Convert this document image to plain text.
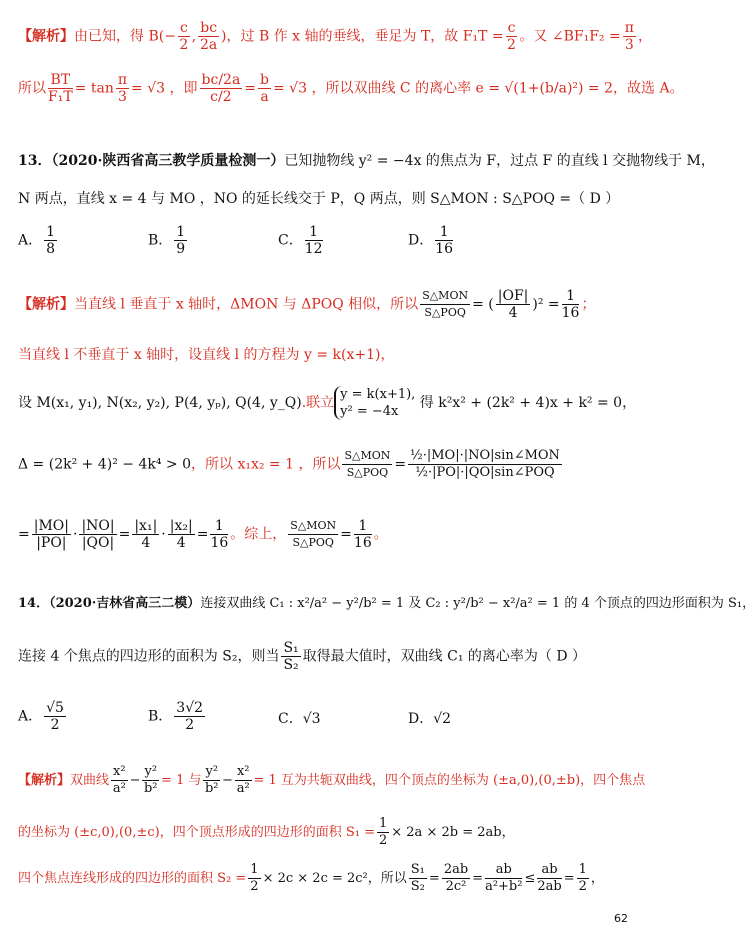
【解析】由已知，得 $B(- \frac{c}{2}$ , $\frac{bc}{2a}$ )，过 B 作 x 轴的垂线，垂足为 T，故 $F_1T = \frac{c}{2}$ 。又 ∠BF₁F₂ = $\frac{\pi}{3}$ ，
所以 $\frac{BT}{\text{F₁T}} = \tan \frac{\pi}{3} = √3$ ，即 $\frac{bc/2a}{c/2} = \frac{b}{a} = √3$ ，所以双曲线 C 的离心率 e = √(1+(b/a)²) = 2，故选 A。
13．（2020·陕西省高三教学质量检测一）已知抛物线 y² = −4x 的焦点为 F，过点 F 的直线 l 交抛物线于 M，
N 两点，直线 x = 4 与 MO ，NO 的延长线交于 P，Q 两点，则 S△MON : S△POQ =（ D ）
A． $\frac{1}{8}$	B． $\frac{1}{9}$	C． $\frac{1}{12}$	D． $\frac{1}{16}$
【解析】当直线 l 垂直于 x 轴时，ΔMON 与 ΔPOQ 相似，所以 $\frac{\text{S△MON}}{\text{S△POQ}}$ = ( $\frac{|OF|}{4} )^2 = \frac{1}{16}$ ；
当直线 l 不垂直于 x 轴时，设直线 l 的方程为 y = k(x+1)，
设 M(x₁, y₁), N(x₂, y₂), P(4, yₚ), Q(4, y_Q).联立
y = k(x+1),
y² = −4x
得 k²x² + (2k² + 4)x + k² = 0，
Δ = (2k² + 4)² − 4k⁴ > 0，所以 x₁x₂ = 1 ，所以 $\frac{\text{S△MON}}{\text{S△POQ}} = \frac{\text{½·|MO|·|NO|sin∠MON}}{\text{½·|PO|·|QO|sin∠POQ}}$
= $\frac{|MO|}{|PO|} \cdot \frac{|NO|}{|QO|} = \frac{\text{|x₁|}}{4} \cdot \frac{\text{|x₂|}}{4} = \frac{1}{16}$ 。综上， $\frac{\text{S△MON}}{\text{S△POQ}} = \frac{1}{16}$ 。
14．（2020·吉林省高三二模）连接双曲线 C₁ : x²/a² − y²/b² = 1 及 C₂ : y²/b² − x²/a² = 1 的 4 个顶点的四边形面积为 S₁，
连接 4 个焦点的四边形的面积为 S₂，则当 $\frac{\text{S₁}}{\text{S₂}}$ 取得最大值时，双曲线 C₁ 的离心率为（ D ）
A． $\frac{√5}{2}$	B． $\frac{3√2}{2}$	C．√3	D．√2
【解析】双曲线 $\frac{\text{x²}}{\text{a²}} - \frac{\text{y²}}{\text{b²}} = 1$ 与 $\frac{\text{y²}}{\text{b²}} - \frac{\text{x²}}{\text{a²}} = 1$ 互为共轭双曲线，四个顶点的坐标为 (±a,0),(0,±b)，四个焦点
的坐标为 (±c,0),(0,±c)，四个顶点形成的四边形的面积 $S_1 = \frac{1}{2} \times 2a \times 2b = 2ab$，
四个焦点连线形成的四边形的面积 $S_2 = \frac{1}{2} \times 2c \times 2c = 2c^2$，所以 $\frac{\text{S₁}}{\text{S₂}} = \frac{2ab}{\text{2c²}} = \frac{ab}{\text{a²+b²}} \le \frac{ab}{2ab} = \frac{1}{2}$ ，
62
